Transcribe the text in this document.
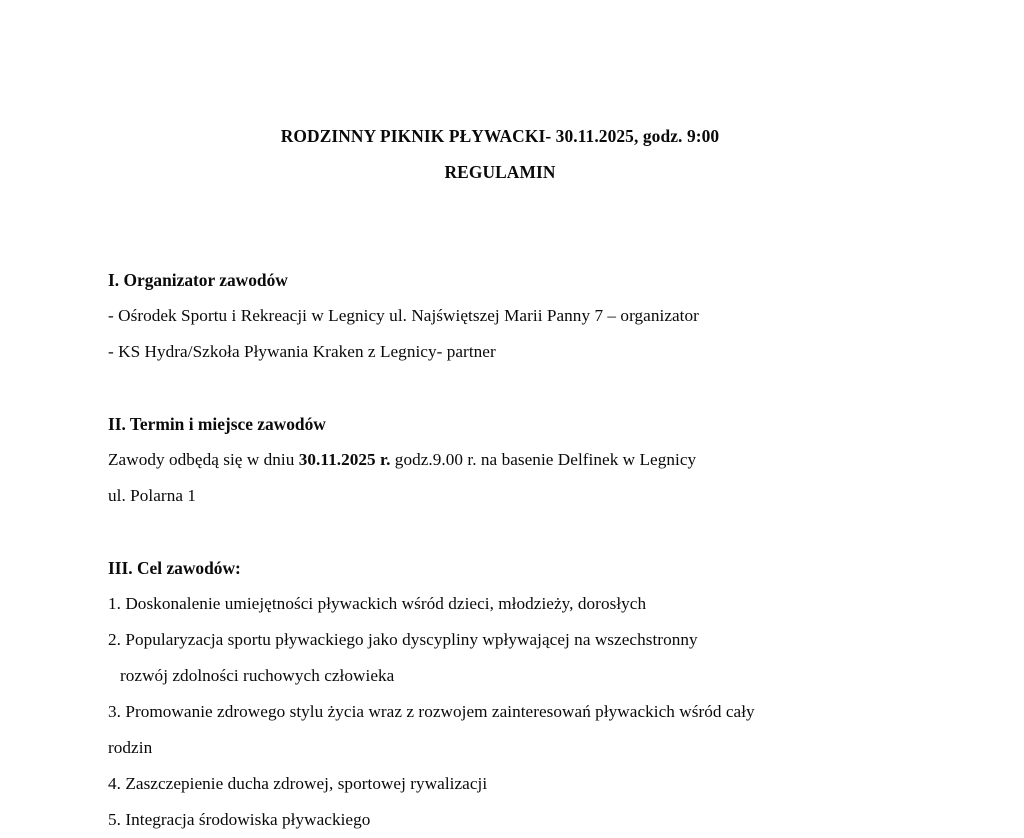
RODZINNY PIKNIK PŁYWACKI- 30.11.2025, godz. 9:00
REGULAMIN
I. Organizator zawodów
- Ośrodek Sportu i Rekreacji w Legnicy ul. Najświętszej Marii Panny 7 – organizator
- KS Hydra/Szkoła Pływania Kraken z Legnicy- partner
II. Termin i miejsce zawodów
Zawody odbędą się w dniu 30.11.2025 r. godz.9.00 r. na basenie Delfinek w Legnicy
ul. Polarna 1
III. Cel zawodów:
1. Doskonalenie umiejętności pływackich wśród dzieci, młodzieży, dorosłych
2. Popularyzacja sportu pływackiego jako dyscypliny wpływającej na wszechstronny
rozwój zdolności ruchowych człowieka
3. Promowanie zdrowego stylu życia wraz z rozwojem zainteresowań pływackich wśród cały
rodzin
4. Zaszczepienie ducha zdrowej, sportowej rywalizacji
5. Integracja środowiska pływackiego
